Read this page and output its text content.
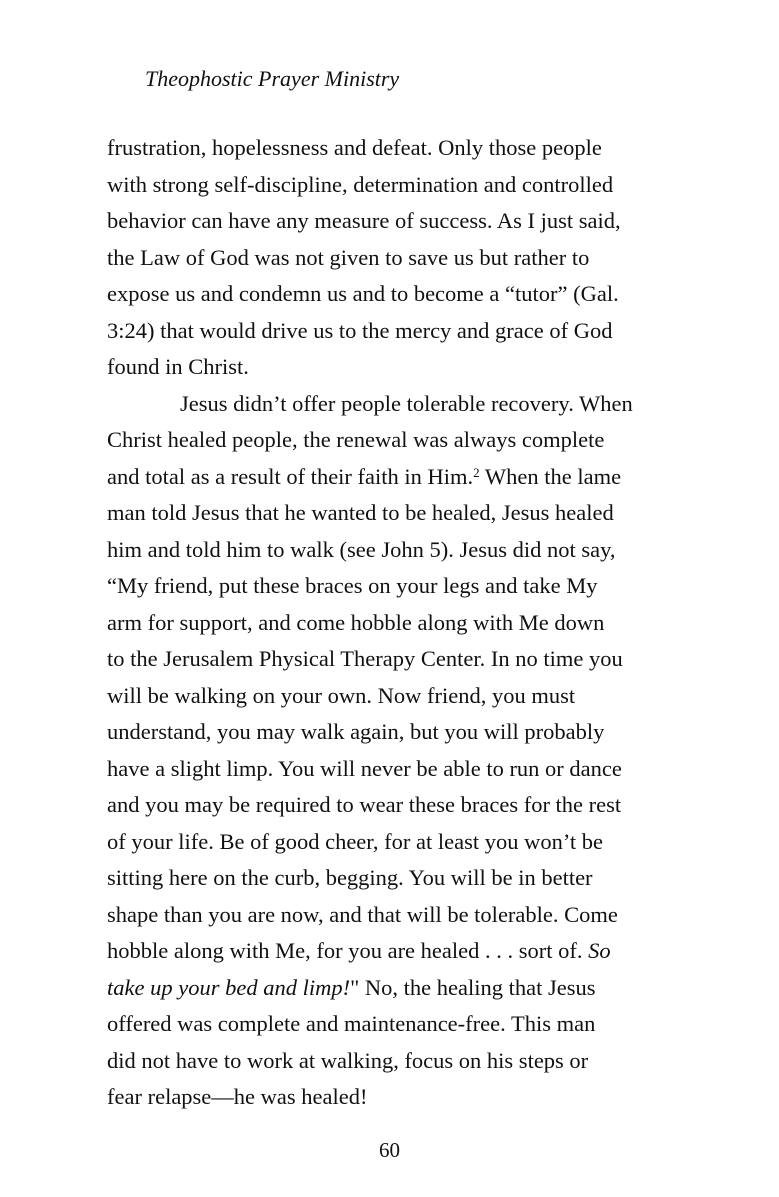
Theophostic Prayer Ministry
frustration, hopelessness and defeat. Only those people
with strong self-discipline, determination and controlled
behavior can have any measure of success. As I just said,
the Law of God was not given to save us but rather to
expose us and condemn us and to become a “tutor” (Gal.
3:24) that would drive us to the mercy and grace of God
found in Christ.
Jesus didn’t offer people tolerable recovery. When
Christ healed people, the renewal was always complete
and total as a result of their faith in Him.$^2$ When the lame
man told Jesus that he wanted to be healed, Jesus healed
him and told him to walk (see John 5). Jesus did not say,
“My friend, put these braces on your legs and take My
arm for support, and come hobble along with Me down
to the Jerusalem Physical Therapy Center. In no time you
will be walking on your own. Now friend, you must
understand, you may walk again, but you will probably
have a slight limp. You will never be able to run or dance
and you may be required to wear these braces for the rest
of your life. Be of good cheer, for at least you won’t be
sitting here on the curb, begging. You will be in better
shape than you are now, and that will be tolerable. Come
hobble along with Me, for you are healed . . . sort of. So
take up your bed and limp!" No, the healing that Jesus
offered was complete and maintenance-free. This man
did not have to work at walking, focus on his steps or
fear relapse—he was healed!
60
